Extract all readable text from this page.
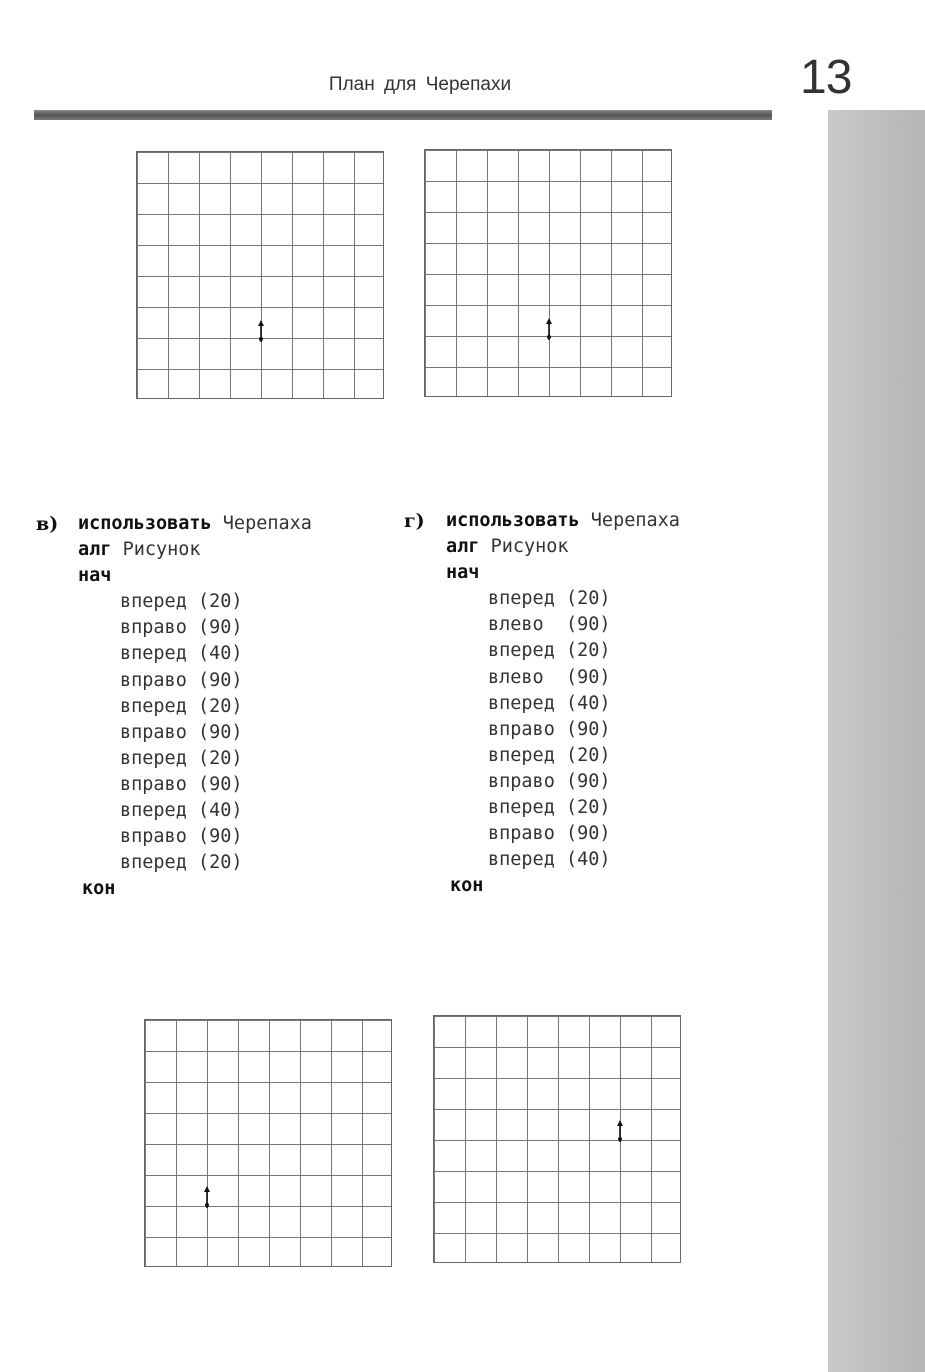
13
План для Черепахи
в) использовать Черепаха
алг Рисунок
нач
вперед (20)
вправо (90)
вперед (40)
вправо (90)
вперед (20)
вправо (90)
вперед (20)
вправо (90)
вперед (40)
вправо (90)
вперед (20)
кон
г) использовать Черепаха
алг Рисунок
нач
вперед (20)
влево  (90)
вперед (20)
влево  (90)
вперед (40)
вправо (90)
вперед (20)
вправо (90)
вперед (20)
вправо (90)
вперед (40)
кон
